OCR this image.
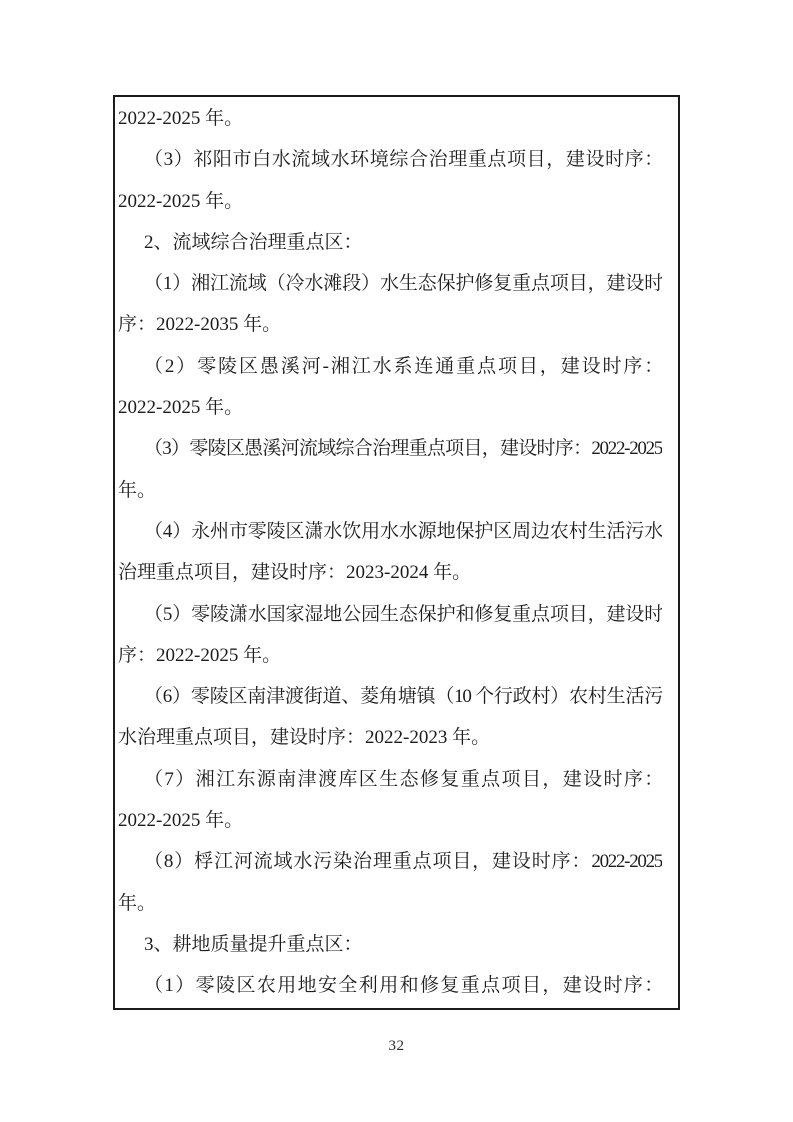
2022-2025 年。
（3）祁阳市白水流域水环境综合治理重点项目，建设时序：
2022-2025 年。
2、流域综合治理重点区：
（1）湘江流域（冷水滩段）水生态保护修复重点项目，建设时
序：2022-2035 年。
（2）零陵区愚溪河-湘江水系连通重点项目，建设时序：
2022-2025 年。
（3）零陵区愚溪河流域综合治理重点项目，建设时序：2022-2025
年。
（4）永州市零陵区潇水饮用水水源地保护区周边农村生活污水
治理重点项目，建设时序：2023-2024 年。
（5）零陵潇水国家湿地公园生态保护和修复重点项目，建设时
序：2022-2025 年。
（6）零陵区南津渡街道、菱角塘镇（10 个行政村）农村生活污
水治理重点项目，建设时序：2022-2023 年。
（7）湘江东源南津渡库区生态修复重点项目，建设时序：
2022-2025 年。
（8）桴江河流域水污染治理重点项目，建设时序：2022-2025
年。
3、耕地质量提升重点区：
（1）零陵区农用地安全利用和修复重点项目，建设时序：
32
